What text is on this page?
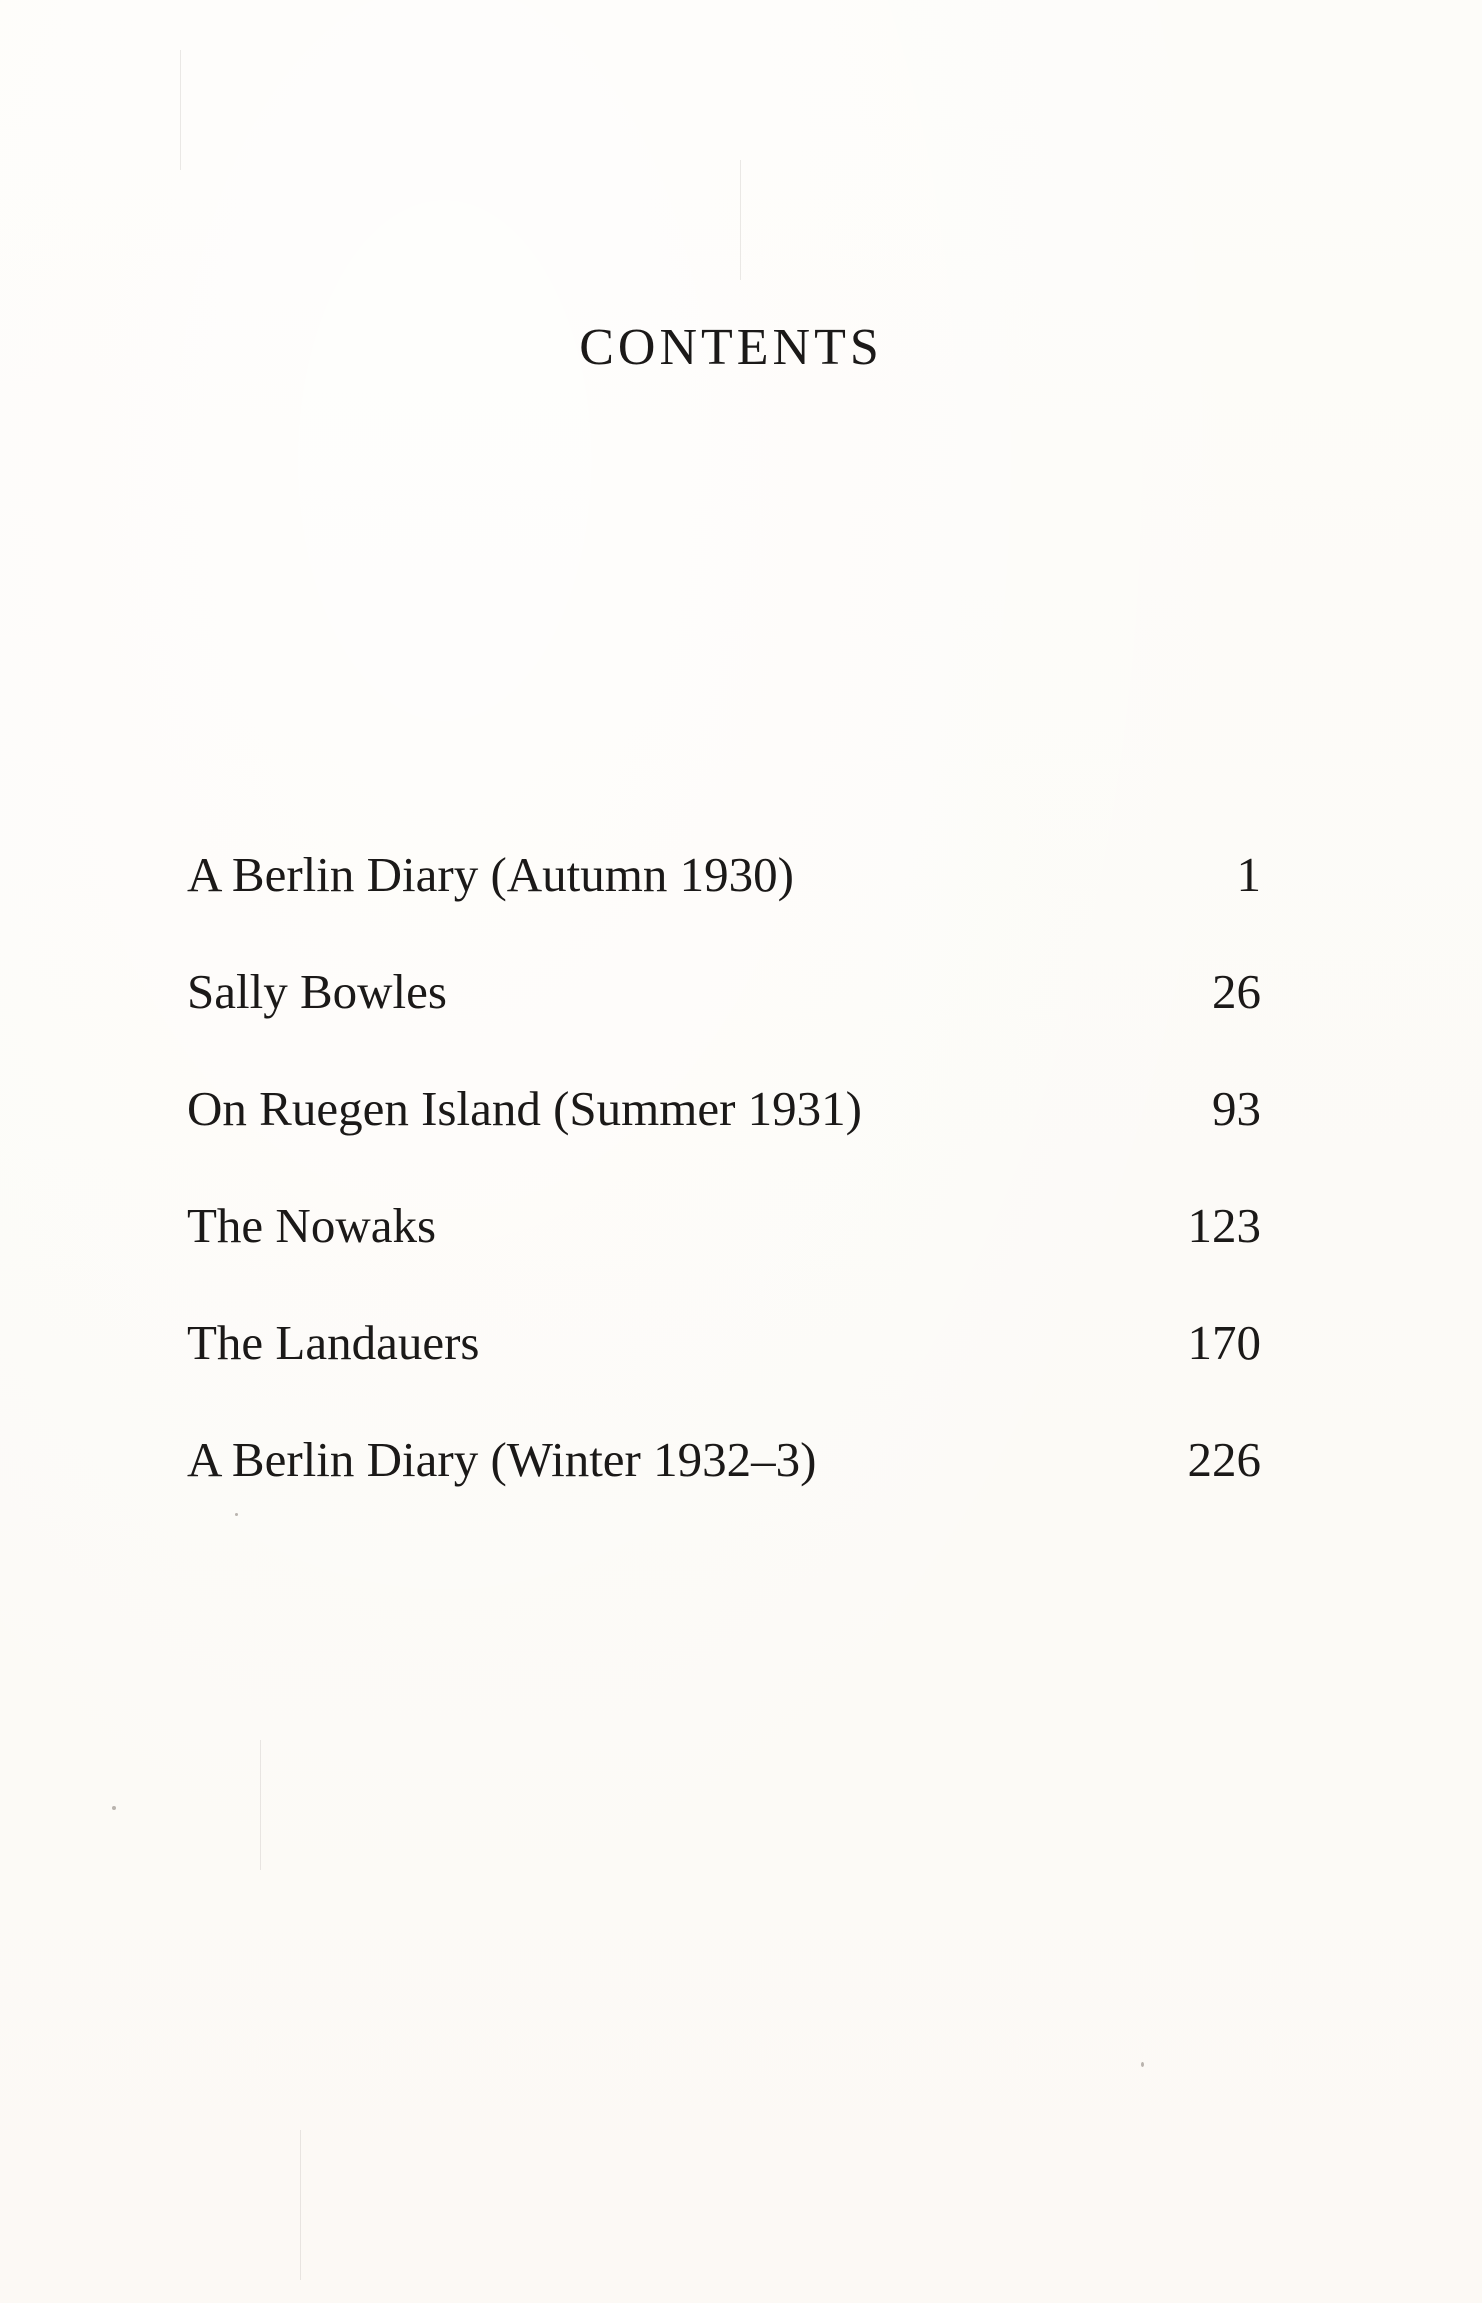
CONTENTS
A Berlin Diary (Autumn 1930)	1
Sally Bowles	26
On Ruegen Island (Summer 1931)	93
The Nowaks	123
The Landauers	170
A Berlin Diary (Winter 1932–3)	226
